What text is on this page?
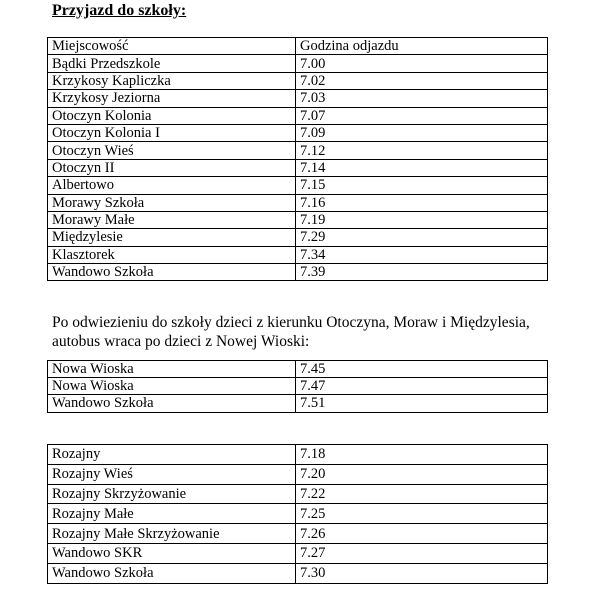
Przyjazd do szkoły:
Miejscowość	Godzina odjazdu
Bądki Przedszkole	7.00
Krzykosy Kapliczka	7.02
Krzykosy Jeziorna	7.03
Otoczyn Kolonia	7.07
Otoczyn Kolonia I	7.09
Otoczyn Wieś	7.12
Otoczyn II	7.14
Albertowo	7.15
Morawy Szkoła	7.16
Morawy Małe	7.19
Międzylesie	7.29
Klasztorek	7.34
Wandowo Szkoła	7.39
Po odwiezieniu do szkoły dzieci z kierunku Otoczyna, Moraw i Międzylesia,
autobus wraca po dzieci z Nowej Wioski:
Nowa Wioska	7.45
Nowa Wioska	7.47
Wandowo Szkoła	7.51
Rozajny	7.18
Rozajny Wieś	7.20
Rozajny Skrzyżowanie	7.22
Rozajny Małe	7.25
Rozajny Małe Skrzyżowanie	7.26
Wandowo SKR	7.27
Wandowo Szkoła	7.30
